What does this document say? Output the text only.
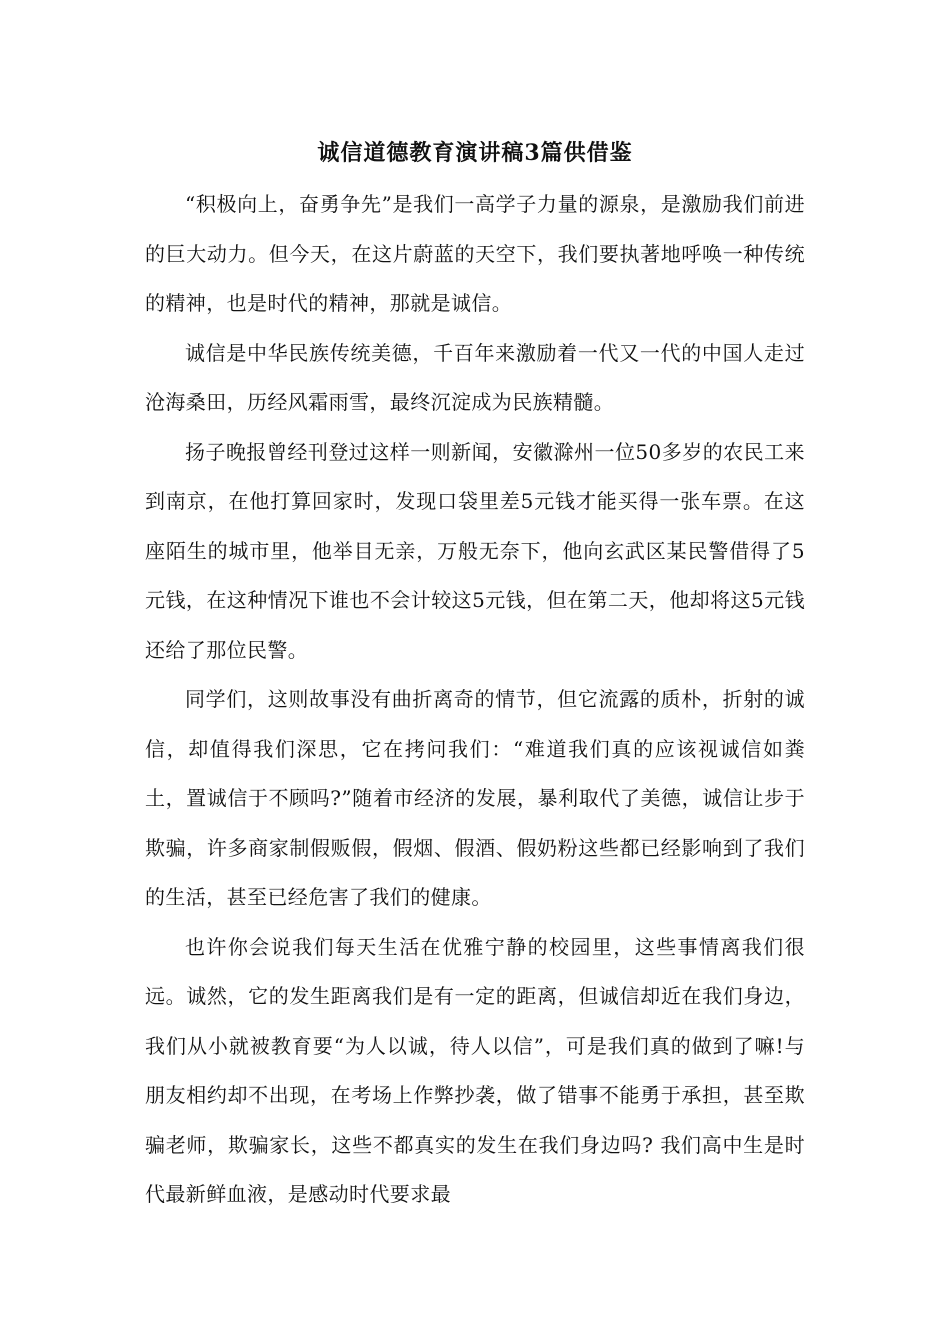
诚信道德教育演讲稿3篇供借鉴

“积极向上，奋勇争先”是我们一高学子力量的源泉，是激励我们前进的巨大动力。但今天，在这片蔚蓝的天空下，我们要执著地呼唤一种传统的精神，也是时代的精神，那就是诚信。

诚信是中华民族传统美德，千百年来激励着一代又一代的中国人走过沧海桑田，历经风霜雨雪，最终沉淀成为民族精髓。

扬子晚报曾经刊登过这样一则新闻，安徽滁州一位50多岁的农民工来到南京，在他打算回家时，发现口袋里差5元钱才能买得一张车票。在这座陌生的城市里，他举目无亲，万般无奈下，他向玄武区某民警借得了5元钱，在这种情况下谁也不会计较这5元钱，但在第二天，他却将这5元钱还给了那位民警。

同学们，这则故事没有曲折离奇的情节，但它流露的质朴，折射的诚信，却值得我们深思，它在拷问我们：“难道我们真的应该视诚信如粪土，置诚信于不顾吗?”随着市经济的发展，暴利取代了美德，诚信让步于欺骗，许多商家制假贩假，假烟、假酒、假奶粉这些都已经影响到了我们的生活，甚至已经危害了我们的健康。

也许你会说我们每天生活在优雅宁静的校园里，这些事情离我们很远。诚然，它的发生距离我们是有一定的距离，但诚信却近在我们身边，我们从小就被教育要“为人以诚，待人以信”，可是我们真的做到了嘛!与朋友相约却不出现，在考场上作弊抄袭，做了错事不能勇于承担，甚至欺骗老师，欺骗家长，这些不都真实的发生在我们身边吗? 我们高中生是时代最新鲜血液，是感动时代要求最
